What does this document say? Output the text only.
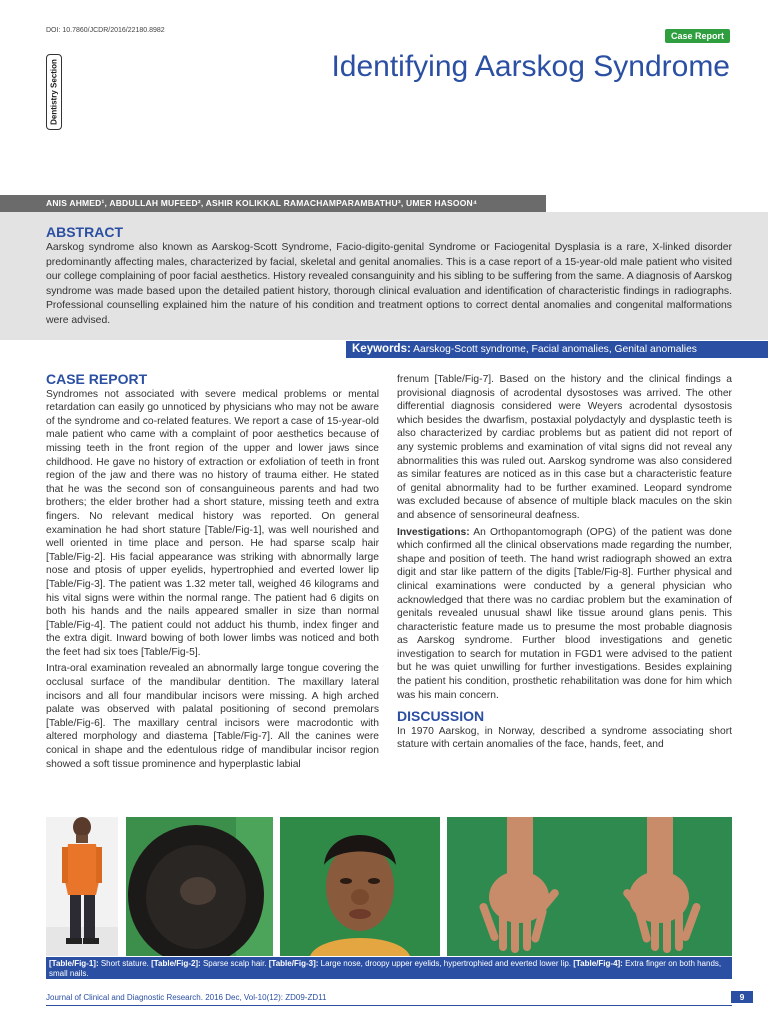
DOI: 10.7860/JCDR/2016/22180.8982
Case Report
Dentistry Section	Identifying Aarskog Syndrome
ANIS AHMED¹, ABDULLAH MUFEED², ASHIR KOLIKKAL RAMACHAMPARAMBATHU³, UMER HASOON⁴
ABSTRACT
Aarskog syndrome also known as Aarskog-Scott Syndrome, Facio-digito-genital Syndrome or Faciogenital Dysplasia is a rare, X-linked disorder predominantly affecting males, characterized by facial, skeletal and genital anomalies. This is a case report of a 15-year-old male patient who visited our college complaining of poor facial aesthetics. History revealed consanguinity and his sibling to be suffering from the same. A diagnosis of Aarskog syndrome was made based upon the detailed patient history, thorough clinical evaluation and identification of characteristic findings in radiographs. Professional counselling explained him the nature of his condition and treatment options to correct dental anomalies and congenital malformations were advised.
Keywords: Aarskog-Scott syndrome, Facial anomalies, Genital anomalies
CASE REPORT

Syndromes not associated with severe medical problems or mental retardation can easily go unnoticed by physicians who may not be aware of the syndrome and co-related features. We report a case of 15-year-old male patient who came with a complaint of poor aesthetics because of missing teeth in the front region of the upper and lower jaws since childhood. He gave no history of extraction or exfoliation of teeth in front region of the jaw and there was no history of trauma either. He stated that he was the second son of consanguineous parents and had two brothers; the elder brother had a short stature, missing teeth and extra fingers. No relevant medical history was reported. On general examination he had short stature [Table/Fig-1], was well nourished and well oriented in time place and person. He had sparse scalp hair [Table/Fig-2]. His facial appearance was striking with abnormally large nose and ptosis of upper eyelids, hypertrophied and everted lower lip [Table/Fig-3]. The patient was 1.32 meter tall, weighed 46 kilograms and his vital signs were within the normal range. The patient had 6 digits on both his hands and the nails appeared smaller in size than normal [Table/Fig-4]. The patient could not adduct his thumb, index finger and the extra digit. Inward bowing of both lower limbs was noticed and both the feet had six toes [Table/Fig-5].

Intra-oral examination revealed an abnormally large tongue covering the occlusal surface of the mandibular dentition. The maxillary lateral incisors and all four mandibular incisors were missing. A high arched palate was observed with palatal positioning of second premolars [Table/Fig-6]. The maxillary central incisors were macrodontic with altered morphology and diastema [Table/Fig-7]. All the canines were conical in shape and the edentulous ridge of mandibular incisor region showed a soft tissue prominence and hyperplastic labial

frenum [Table/Fig-7]. Based on the history and the clinical findings a provisional diagnosis of acrodental dysostoses was arrived. The other differential diagnosis considered were Weyers acrodental dysostosis which besides the dwarfism, postaxial polydactyly and dysplastic teeth is also characterized by cardiac problems but as patient did not report of any systemic problems and examination of vital signs did not reveal any abnormalities this was ruled out. Aarskog syndrome was also considered as similar features are noticed as in this case but a characteristic feature of genital abnormality had to be further examined. Leopard syndrome was excluded because of absence of multiple black macules on the skin and absence of sensorineural deafness.

Investigations: An Orthopantomograph (OPG) of the patient was done which confirmed all the clinical observations made regarding the number, shape and position of teeth. The hand wrist radiograph showed an extra digit and star like pattern of the digits [Table/Fig-8]. Further physical and clinical examinations were conducted by a general physician who acknowledged that there was no cardiac problem but the examination of genitals revealed unusual shawl like tissue around glans penis. This characteristic feature made us to presume the most probable diagnosis as Aarskog syndrome. Further blood investigations and genetic investigation to search for mutation in FGD1 were advised to the patient but he was quiet unwilling for further investigations. Besides explaining the patient his condition, prosthetic rehabilitation was done for him which was his main concern.

DISCUSSION

In 1970 Aarskog, in Norway, described a syndrome associating short stature with certain anomalies of the face, hands, feet, and

[Table/Fig-1]: Short stature. [Table/Fig-2]: Sparse scalp hair. [Table/Fig-3]: Large nose, droopy upper eyelids, hypertrophied and everted lower lip. [Table/Fig-4]: Extra finger on both hands, small nails.
Journal of Clinical and Diagnostic Research. 2016 Dec, Vol-10(12): ZD09-ZD11	9
